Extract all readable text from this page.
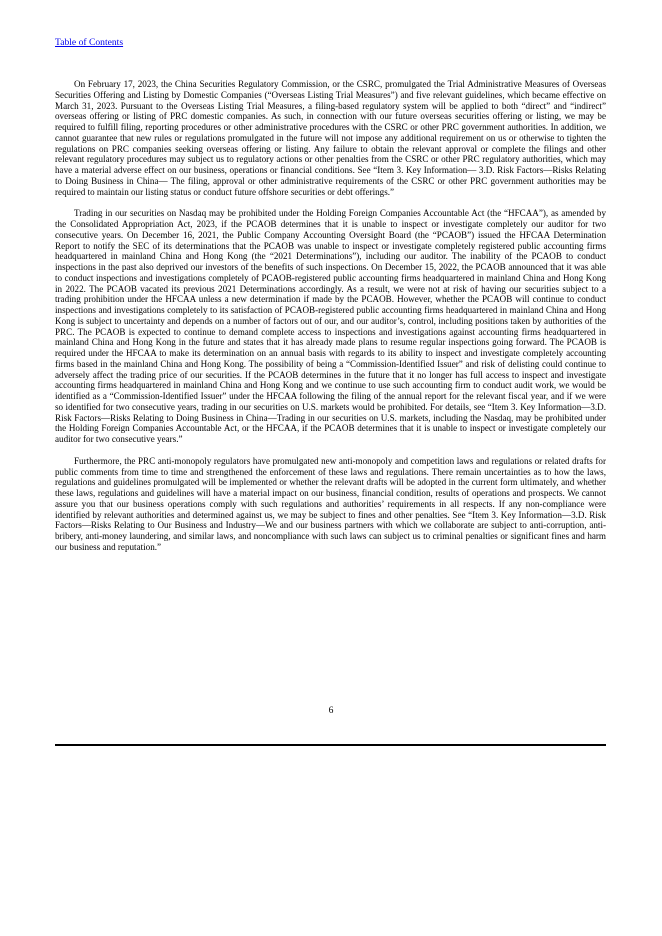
Table of Contents

On February 17, 2023, the China Securities Regulatory Commission, or the CSRC, promulgated the Trial Administrative Measures of Overseas Securities Offering and Listing by Domestic Companies (“Overseas Listing Trial Measures”) and five relevant guidelines, which became effective on March 31, 2023. Pursuant to the Overseas Listing Trial Measures, a filing-based regulatory system will be applied to both “direct” and “indirect” overseas offering or listing of PRC domestic companies. As such, in connection with our future overseas securities offering or listing, we may be required to fulfill filing, reporting procedures or other administrative procedures with the CSRC or other PRC government authorities. In addition, we cannot guarantee that new rules or regulations promulgated in the future will not impose any additional requirement on us or otherwise to tighten the regulations on PRC companies seeking overseas offering or listing. Any failure to obtain the relevant approval or complete the filings and other relevant regulatory procedures may subject us to regulatory actions or other penalties from the CSRC or other PRC regulatory authorities, which may have a material adverse effect on our business, operations or financial conditions. See “Item 3. Key Information— 3.D. Risk Factors—Risks Relating to Doing Business in China— The filing, approval or other administrative requirements of the CSRC or other PRC government authorities may be required to maintain our listing status or conduct future offshore securities or debt offerings.”

Trading in our securities on Nasdaq may be prohibited under the Holding Foreign Companies Accountable Act (the “HFCAA”), as amended by the Consolidated Appropriation Act, 2023, if the PCAOB determines that it is unable to inspect or investigate completely our auditor for two consecutive years. On December 16, 2021, the Public Company Accounting Oversight Board (the “PCAOB”) issued the HFCAA Determination Report to notify the SEC of its determinations that the PCAOB was unable to inspect or investigate completely registered public accounting firms headquartered in mainland China and Hong Kong (the “2021 Determinations”), including our auditor. The inability of the PCAOB to conduct inspections in the past also deprived our investors of the benefits of such inspections. On December 15, 2022, the PCAOB announced that it was able to conduct inspections and investigations completely of PCAOB-registered public accounting firms headquartered in mainland China and Hong Kong in 2022. The PCAOB vacated its previous 2021 Determinations accordingly. As a result, we were not at risk of having our securities subject to a trading prohibition under the HFCAA unless a new determination if made by the PCAOB. However, whether the PCAOB will continue to conduct inspections and investigations completely to its satisfaction of PCAOB-registered public accounting firms headquartered in mainland China and Hong Kong is subject to uncertainty and depends on a number of factors out of our, and our auditor’s, control, including positions taken by authorities of the PRC. The PCAOB is expected to continue to demand complete access to inspections and investigations against accounting firms headquartered in mainland China and Hong Kong in the future and states that it has already made plans to resume regular inspections going forward. The PCAOB is required under the HFCAA to make its determination on an annual basis with regards to its ability to inspect and investigate completely accounting firms based in the mainland China and Hong Kong. The possibility of being a “Commission-Identified Issuer” and risk of delisting could continue to adversely affect the trading price of our securities. If the PCAOB determines in the future that it no longer has full access to inspect and investigate accounting firms headquartered in mainland China and Hong Kong and we continue to use such accounting firm to conduct audit work, we would be identified as a “Commission-Identified Issuer” under the HFCAA following the filing of the annual report for the relevant fiscal year, and if we were so identified for two consecutive years, trading in our securities on U.S. markets would be prohibited. For details, see “Item 3. Key Information—3.D. Risk Factors—Risks Relating to Doing Business in China—Trading in our securities on U.S. markets, including the Nasdaq, may be prohibited under the Holding Foreign Companies Accountable Act, or the HFCAA, if the PCAOB determines that it is unable to inspect or investigate completely our auditor for two consecutive years.”

Furthermore, the PRC anti-monopoly regulators have promulgated new anti-monopoly and competition laws and regulations or related drafts for public comments from time to time and strengthened the enforcement of these laws and regulations. There remain uncertainties as to how the laws, regulations and guidelines promulgated will be implemented or whether the relevant drafts will be adopted in the current form ultimately, and whether these laws, regulations and guidelines will have a material impact on our business, financial condition, results of operations and prospects. We cannot assure you that our business operations comply with such regulations and authorities’ requirements in all respects. If any non-compliance were identified by relevant authorities and determined against us, we may be subject to fines and other penalties. See “Item 3. Key Information—3.D. Risk Factors—Risks Relating to Our Business and Industry—We and our business partners with which we collaborate are subject to anti-corruption, anti-bribery, anti-money laundering, and similar laws, and noncompliance with such laws can subject us to criminal penalties or significant fines and harm our business and reputation.”

6
